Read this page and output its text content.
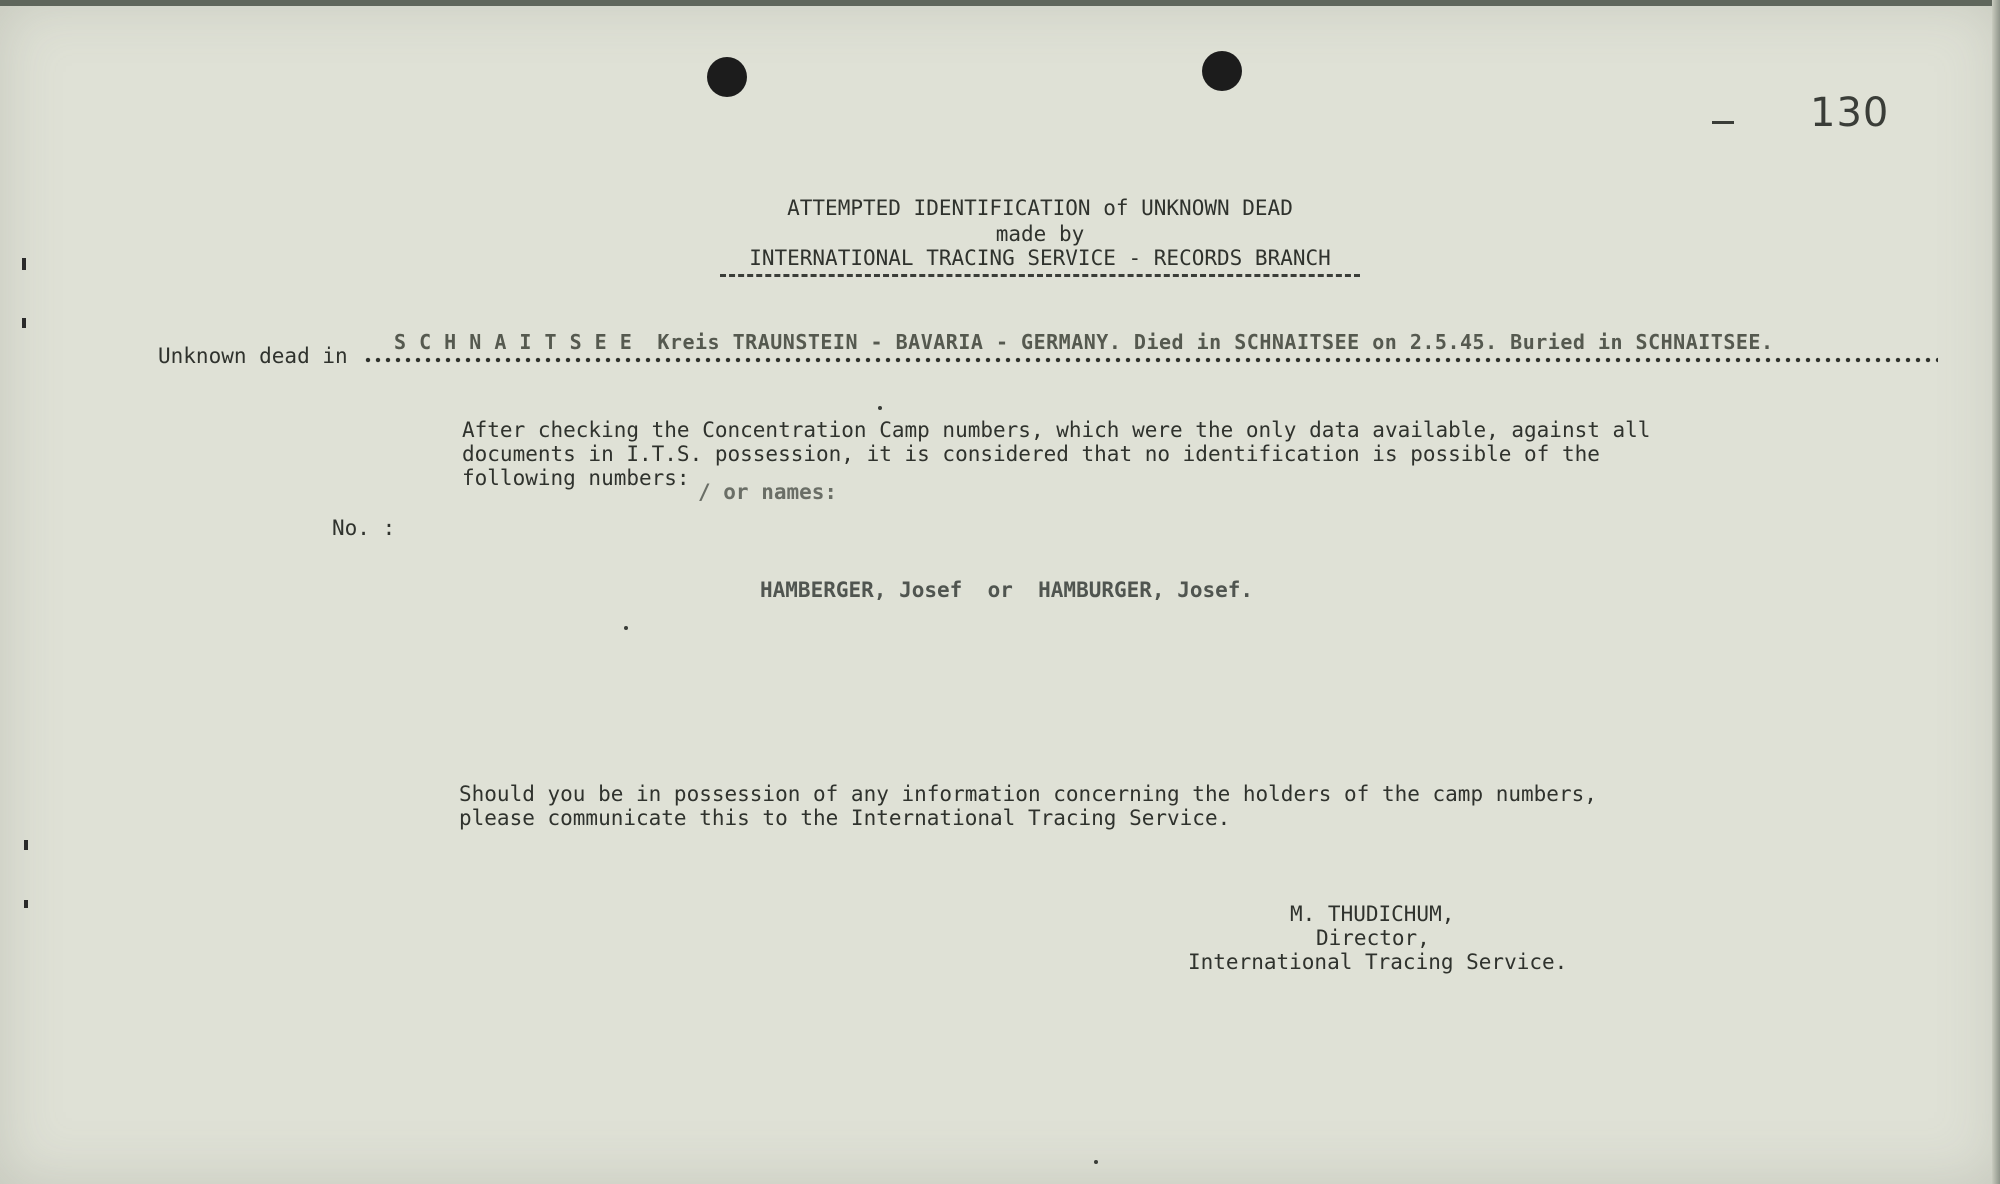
130
ATTEMPTED IDENTIFICATION of UNKNOWN DEAD
made by
INTERNATIONAL TRACING SERVICE - RECORDS BRANCH
Unknown dead in
S C H N A I T S E E  Kreis TRAUNSTEIN - BAVARIA - GERMANY. Died in SCHNAITSEE on 2.5.45. Buried in SCHNAITSEE.
After checking the Concentration Camp numbers, which were the only data available, against all
documents in I.T.S. possession, it is considered that no identification is possible of the
following numbers:
/ or names:
No. :
HAMBERGER, Josef  or  HAMBURGER, Josef.
Should you be in possession of any information concerning the holders of the camp numbers,
please communicate this to the International Tracing Service.
M. THUDICHUM,
Director,
International Tracing Service.
